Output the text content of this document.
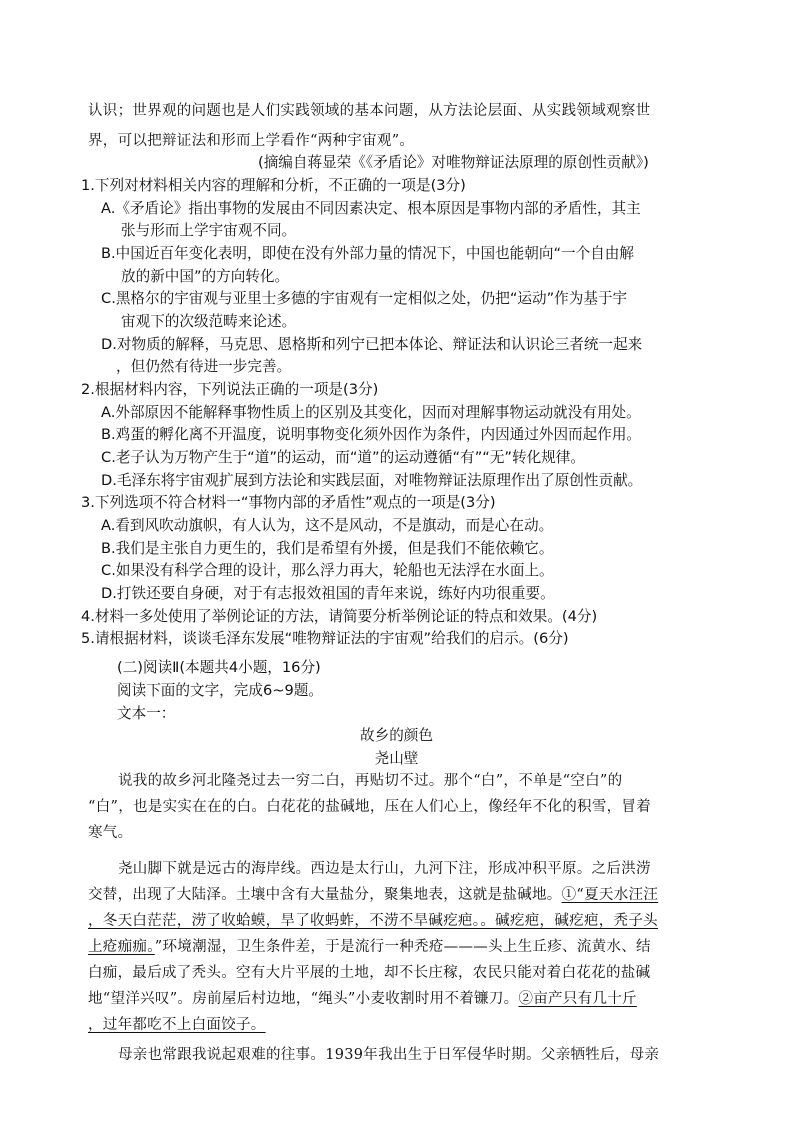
认识；世界观的问题也是人们实践领域的基本问题，从方法论层面、从实践领域观察世
界，可以把辩证法和形而上学看作“两种宇宙观”。
(摘编自蒋显荣《《矛盾论》对唯物辩证法原理的原创性贡献》)
1.下列对材料相关内容的理解和分析，不正确的一项是(3分)
A.《矛盾论》指出事物的发展由不同因素决定、根本原因是事物内部的矛盾性，其主
张与形而上学宇宙观不同。
B.中国近百年变化表明，即使在没有外部力量的情况下，中国也能朝向“一个自由解
放的新中国”的方向转化。
C.黑格尔的宇宙观与亚里士多德的宇宙观有一定相似之处，仍把“运动”作为基于宇
宙观下的次级范畴来论述。
D.对物质的解释，马克思、恩格斯和列宁已把本体论、辩证法和认识论三者统一起来
，但仍然有待进一步完善。
2.根据材料内容，下列说法正确的一项是(3分)
A.外部原因不能解释事物性质上的区别及其变化，因而对理解事物运动就没有用处。
B.鸡蛋的孵化离不开温度，说明事物变化须外因作为条件，内因通过外因而起作用。
C.老子认为万物产生于“道”的运动，而“道”的运动遵循“有”“无”转化规律。
D.毛泽东将宇宙观扩展到方法论和实践层面，对唯物辩证法原理作出了原创性贡献。
3.下列选项不符合材料一“事物内部的矛盾性”观点的一项是(3分)
A.看到风吹动旗帜，有人认为，这不是风动，不是旗动，而是心在动。
B.我们是主张自力更生的，我们是希望有外援，但是我们不能依赖它。
C.如果没有科学合理的设计，那么浮力再大，轮船也无法浮在水面上。
D.打铁还要自身硬，对于有志报效祖国的青年来说，练好内功很重要。
4.材料一多处使用了举例论证的方法，请简要分析举例论证的特点和效果。(4分)
5.请根据材料，谈谈毛泽东发展“唯物辩证法的宇宙观”给我们的启示。(6分)
(二)阅读Ⅱ(本题共4小题，16分)
阅读下面的文字，完成6~9题。
文本一：
故乡的颜色
尧山壁
说我的故乡河北隆尧过去一穷二白，再贴切不过。那个“白”，不单是“空白”的
“白”，也是实实在在的白。白花花的盐碱地，压在人们心上，像经年不化的积雪，冒着
寒气。
尧山脚下就是远古的海岸线。西边是太行山，九河下注，形成冲积平原。之后洪涝
交替，出现了大陆泽。土壤中含有大量盐分，聚集地表，这就是盐碱地。①“夏天水汪汪
，冬天白茫茫，涝了收蛤蟆，旱了收蚂蚱，不涝不旱碱疙疤。。碱疙疤，碱疙疤，秃子头
上疮痂痂。”环境潮湿，卫生条件差，于是流行一种秃疮———头上生丘疹、流黄水、结
白痂，最后成了秃头。空有大片平展的土地，却不长庄稼，农民只能对着白花花的盐碱
地“望洋兴叹”。房前屋后村边地，“绳头”小麦收割时用不着镰刀。②亩产只有几十斤
，过年都吃不上白面饺子。
母亲也常跟我说起艰难的往事。1939年我出生于日军侵华时期。父亲牺牲后，母亲
